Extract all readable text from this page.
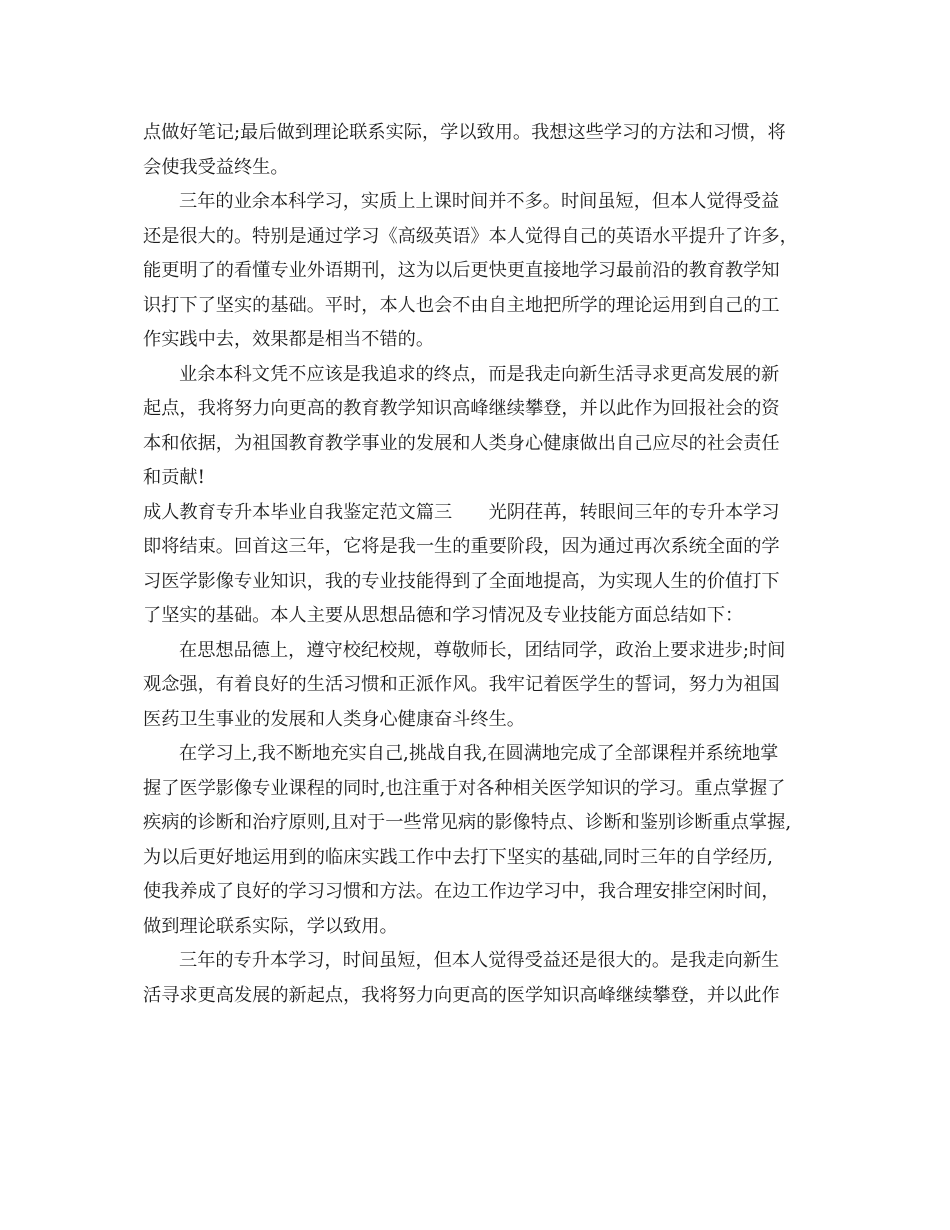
点做好笔记;最后做到理论联系实际，学以致用。我想这些学习的方法和习惯，将
会使我受益终生。
三年的业余本科学习，实质上上课时间并不多。时间虽短，但本人觉得受益
还是很大的。特别是通过学习《高级英语》本人觉得自己的英语水平提升了许多，
能更明了的看懂专业外语期刊，这为以后更快更直接地学习最前沿的教育教学知
识打下了坚实的基础。平时，本人也会不由自主地把所学的理论运用到自己的工
作实践中去，效果都是相当不错的。
业余本科文凭不应该是我追求的终点，而是我走向新生活寻求更高发展的新
起点，我将努力向更高的教育教学知识高峰继续攀登，并以此作为回报社会的资
本和依据，为祖国教育教学事业的发展和人类身心健康做出自己应尽的社会责任
和贡献!
成人教育专升本毕业自我鉴定范文篇三　　光阴荏苒，转眼间三年的专升本学习
即将结束。回首这三年，它将是我一生的重要阶段，因为通过再次系统全面的学
习医学影像专业知识，我的专业技能得到了全面地提高，为实现人生的价值打下
了坚实的基础。本人主要从思想品德和学习情况及专业技能方面总结如下：
在思想品德上，遵守校纪校规，尊敬师长，团结同学，政治上要求进步;时间
观念强，有着良好的生活习惯和正派作风。我牢记着医学生的誓词，努力为祖国
医药卫生事业的发展和人类身心健康奋斗终生。
在学习上,我不断地充实自己,挑战自我,在圆满地完成了全部课程并系统地掌
握了医学影像专业课程的同时,也注重于对各种相关医学知识的学习。重点掌握了
疾病的诊断和治疗原则,且对于一些常见病的影像特点、诊断和鉴别诊断重点掌握,
为以后更好地运用到的临床实践工作中去打下坚实的基础,同时三年的自学经历,
使我养成了良好的学习习惯和方法。在边工作边学习中，我合理安排空闲时间，
做到理论联系实际，学以致用。
三年的专升本学习，时间虽短，但本人觉得受益还是很大的。是我走向新生
活寻求更高发展的新起点，我将努力向更高的医学知识高峰继续攀登，并以此作
